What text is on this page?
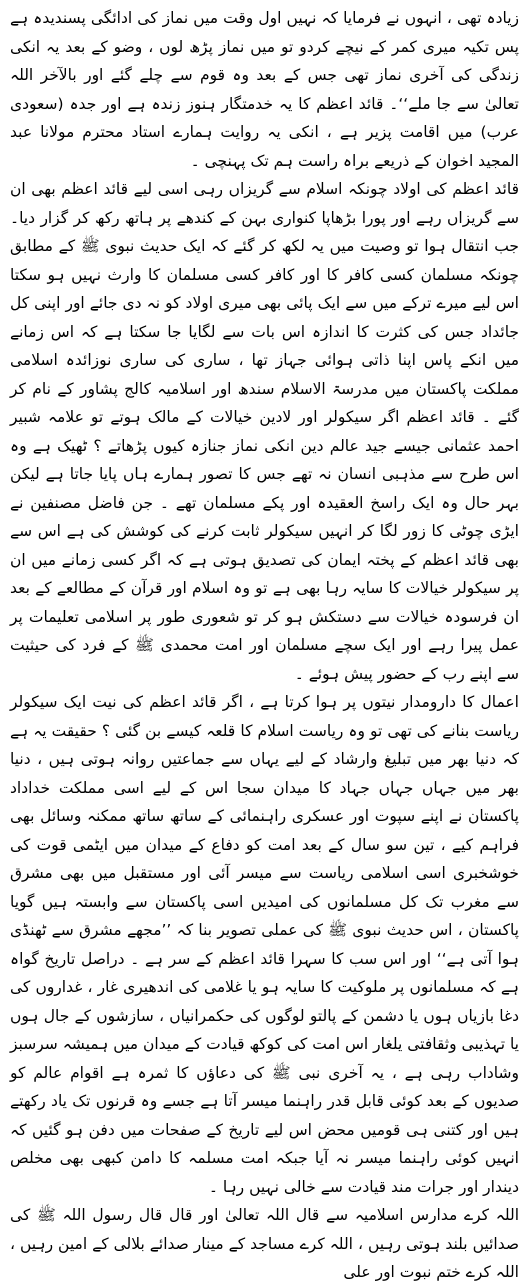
زیادہ تھی ، انہوں نے فرمایا کہ نہیں اول وقت میں نماز کی ادائگی پسندیدہ ہے پس تکیہ میری کمر کے نیچے کردو تو میں نماز پڑھ لوں ، وضو کے بعد یہ انکی زندگی کی آخری نماز تھی جس کے بعد وہ قوم سے چلے گئے اور بالآخر اللہ تعالیٰ سے جا ملے‘‘۔ قائد اعظم کا یہ خدمتگار ہنوز زندہ ہے اور جدہ (سعودی عرب) میں اقامت پزیر ہے ، انکی یہ روایت ہمارے استاد محترم مولانا عبد المجید اخوان کے ذریعے براہ راست ہم تک پہنچی ۔

قائد اعظم کی اولاد چونکہ اسلام سے گریزاں رہی اسی لیے قائد اعظم بھی ان سے گریزاں رہے اور پورا بڑھاپا کنواری بہن کے کندھے پر ہاتھ رکھ کر گزار دیا۔ جب انتقال ہوا تو وصیت میں یہ لکھ کر گئے کہ ایک حدیث نبوی ﷺ کے مطابق چونکہ مسلمان کسی کافر کا اور کافر کسی مسلمان کا وارث نہیں ہو سکتا اس لیے میرے ترکے میں سے ایک پائی بھی میری اولاد کو نہ دی جائے اور اپنی کل جائداد جس کی کثرت کا اندازہ اس بات سے لگایا جا سکتا ہے کہ اس زمانے میں انکے پاس اپنا ذاتی ہوائی جہاز تھا ، ساری کی ساری نوزائدہ اسلامی مملکت پاکستان میں مدرسۃ الاسلام سندھ اور اسلامیہ کالج پشاور کے نام کر گئے ۔ قائد اعظم اگر سیکولر اور لادین خیالات کے مالک ہوتے تو علامہ شبیر احمد عثمانی جیسے جید عالم دین انکی نماز جنازہ کیوں پڑھاتے ؟ ٹھیک ہے وہ اس طرح سے مذہبی انسان نہ تھے جس کا تصور ہمارے ہاں پایا جاتا ہے لیکن بہر حال وہ ایک راسخ العقیدہ اور پکے مسلمان تھے ۔ جن فاضل مصنفین نے ایڑی چوٹی کا زور لگا کر انہیں سیکولر ثابت کرنے کی کوشش کی ہے اس سے بھی قائد اعظم کے پختہ ایمان کی تصدیق ہوتی ہے کہ اگر کسی زمانے میں ان پر سیکولر خیالات کا سایہ رہا بھی ہے تو وہ اسلام اور قرآن کے مطالعے کے بعد ان فرسودہ خیالات سے دستکش ہو کر تو شعوری طور پر اسلامی تعلیمات پر عمل پیرا رہے اور ایک سچے مسلمان اور امت محمدی ﷺ کے فرد کی حیثیت سے اپنے رب کے حضور پیش ہوئے ۔

اعمال کا دارومدار نیتوں پر ہوا کرتا ہے ، اگر قائد اعظم کی نیت ایک سیکولر ریاست بنانے کی تھی تو وہ ریاست اسلام کا قلعہ کیسے بن گئی ؟ حقیقت یہ ہے کہ دنیا بھر میں تبلیغ وارشاد کے لیے یہاں سے جماعتیں روانہ ہوتی ہیں ، دنیا بھر میں جہاں جہاں جہاد کا میدان سجا اس کے لیے اسی مملکت خداداد پاکستان نے اپنے سپوت اور عسکری راہنمائی کے ساتھ ساتھ ممکنہ وسائل بھی فراہم کیے ، تین سو سال کے بعد امت کو دفاع کے میدان میں ایٹمی قوت کی خوشخبری اسی اسلامی ریاست سے میسر آئی اور مستقبل میں بھی مشرق سے مغرب تک کل مسلمانوں کی امیدیں اسی پاکستان سے وابستہ ہیں گویا پاکستان ، اس حدیث نبوی ﷺ کی عملی تصویر بنا کہ ’’مجھے مشرق سے ٹھنڈی ہوا آتی ہے‘‘ اور اس سب کا سہرا قائد اعظم کے سر ہے ۔ دراصل تاریخ گواہ ہے کہ مسلمانوں پر ملوکیت کا سایہ ہو یا غلامی کی اندھیری غار ، غداروں کی دغا بازیاں ہوں یا دشمن کے پالتو لوگوں کی حکمرانیاں ، سازشوں کے جال ہوں یا تہذیبی وثقافتی یلغار اس امت کی کوکھ قیادت کے میدان میں ہمیشہ سرسبز وشاداب رہی ہے ، یہ آخری نبی ﷺ کی دعاؤں کا ثمرہ ہے اقوام عالم کو صدیوں کے بعد کوئی قابل قدر راہنما میسر آتا ہے جسے وہ قرنوں تک یاد رکھتے ہیں اور کتنی ہی قومیں محض اس لیے تاریخ کے صفحات میں دفن ہو گئیں کہ انہیں کوئی راہنما میسر نہ آیا جبکہ امت مسلمہ کا دامن کبھی بھی مخلص دیندار اور جرات مند قیادت سے خالی نہیں رہا ۔

اللہ کرے مدارس اسلامیہ سے قال اللہ تعالیٰ اور قال قال رسول اللہ ﷺ کی صدائیں بلند ہوتی رہیں ، اللہ کرے مساجد کے مینار صدائے بلالی کے امین رہیں ، اللہ کرے ختم نبوت اور علی
